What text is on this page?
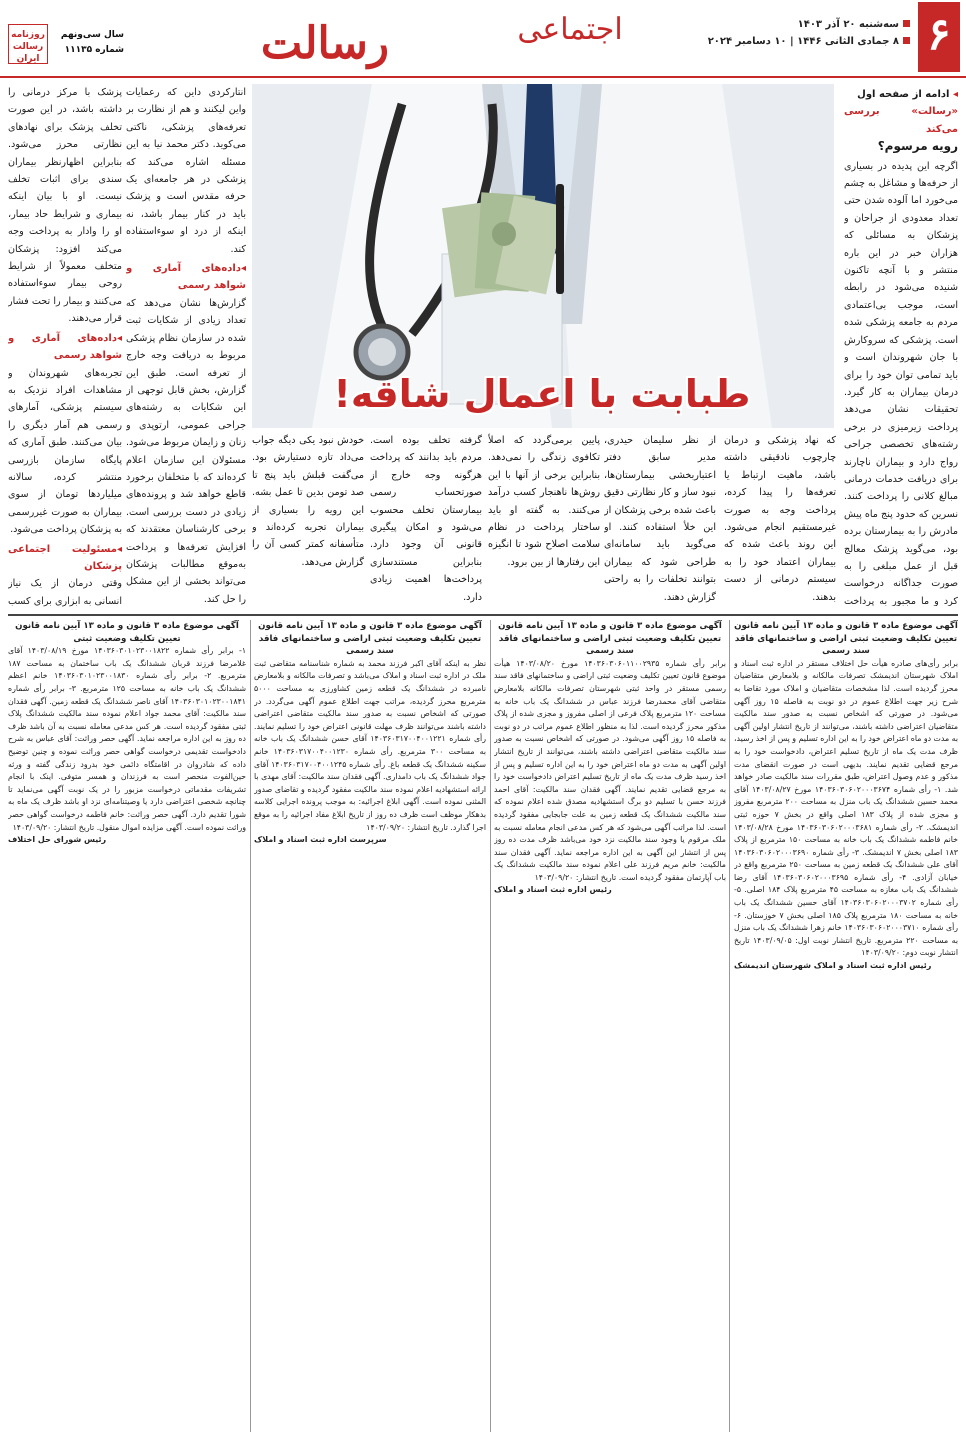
۶
سه‌شنبه ۲۰ آذر ۱۴۰۳
۸ جمادی الثانی ۱۴۴۶ | ۱۰ دسامبر ۲۰۲۴
اجتماعی
رسالت
روزنامه رسالت ایران
سال سی‌ونهم
شماره ۱۱۱۳۵
◂ ادامه از صفحه اول
«رسالت» بررسی می‌کند
رویه مرسوم؟

اگرچه این پدیده در بسیاری از حرفه‌ها و مشاغل به چشم می‌خورد اما آلوده شدن حتی تعداد معدودی از جراحان و پزشکان به مسائلی که هزاران خبر در این باره منتشر و با آنچه تاکنون شنیده می‌شود در رابطه است، موجب بی‌اعتمادی مردم به جامعه پزشکی شده است. پزشکی که سروکارش با جان شهروندان است و باید تمامی توان خود را برای درمان بیماران به کار گیرد. تحقیقات نشان می‌دهد پرداخت زیرمیزی در برخی رشته‌های تخصصی جراحی رواج دارد و بیماران ناچارند برای دریافت خدمات درمانی مبالغ کلانی را پرداخت کنند. نسرین که حدود پنج ماه پیش مادرش را به بیمارستان برده بود، می‌گوید پزشک معالج قبل از عمل مبلغی را به صورت جداگانه درخواست کرد و ما مجبور به پرداخت

پزشک با مرکز درمانی را داشته باشد، در این صورت تخلف پزشک برای نهادهای نظارتی محرز می‌شود. بنابراین اظهارنظر بیماران سندی برای اثبات تخلف نیست. او با بیان اینکه بیماری و شرایط حاد بیمار، او را وادار به پرداخت وجه می‌کند افزود: پزشکان متخلف معمولاً از شرایط روحی بیمار سوءاستفاده می‌کنند و بیمار را تحت فشار قرار می‌دهند.

◂داده‌های آماری و شواهد رسمی

تجربه‌های شهروندان و مشاهدات افراد نزدیک به سیستم پزشکی، آمارهای رسمی هم آمار دیگری را بیان می‌کنند. طبق آماری که پایگاه سازمان بازرسی منتشر کرده، سالانه میلیاردها تومان از سوی بیماران به صورت غیررسمی به پزشکان پرداخت می‌شود.

◂مسئولیت اجتماعی پزشکان

وقتی درمان از یک نیاز انسانی به ابزاری برای کسب

انتارکردی داین که رعمایات واین لیکنند و هم از نظارت بر تعرفه‌های پزشکی، ناکتی می‌کوید. دکتر محمد نیا به این مسئله اشاره می‌کند که پزشکی در هر جامعه‌ای یک حرفه مقدس است و پزشک باید در کنار بیمار باشد، نه اینکه از درد او سوءاستفاده کند.

◂داده‌های آماری و شواهد رسمی

گزارش‌ها نشان می‌دهد که تعداد زیادی از شکایات ثبت شده در سازمان نظام پزشکی مربوط به دریافت وجه خارج از تعرفه است. طبق این گزارش، بخش قابل توجهی از این شکایات به رشته‌های جراحی عمومی، ارتوپدی و زنان و زایمان مربوط می‌شود. مسئولان این سازمان اعلام کرده‌اند که با متخلفان برخورد قاطع خواهد شد و پرونده‌های زیادی در دست بررسی است. برخی کارشناسان معتقدند که افزایش تعرفه‌ها و پرداخت به‌موقع مطالبات پزشکان می‌تواند بخشی از این مشکل را حل کند.

طبابت با اعمال شاقه!
که نهاد پزشکی و درمان چارچوب نادقیقی داشته باشد، ماهیت ارتباط یا تعرفه‌ها را پیدا کرده، پرداخت وجه به صورت غیرمستقیم انجام می‌شود. این روند باعث شده که بیماران اعتماد خود را به سیستم درمانی از دست بدهند.
از نظر سلیمان حیدری، مدیر سابق دفتر اعتباربخشی بیمارستان‌ها، نبود ساز و کار نظارتی دقیق باعث شده برخی پزشکان از این خلأ استفاده کنند. او می‌گوید باید سامانه‌ای طراحی شود که بیماران بتوانند تخلفات را به راحتی گزارش دهند.
پایین برمی‌گردد که اصلاً تکافوی زندگی را نمی‌دهد. بنابراین برخی از آنها با این روش‌ها ناهنجار کسب درآمد می‌کنند. به گفته او باید ساختار پرداخت در نظام سلامت اصلاح شود تا انگیزه این رفتارها از بین برود.
گرفته تخلف بوده است. مردم باید بدانند که پرداخت هرگونه وجه خارج از صورتحساب رسمی بیمارستان تخلف محسوب می‌شود و امکان پیگیری قانونی آن وجود دارد. بنابراین مستندسازی پرداخت‌ها اهمیت زیادی دارد.
خودش نبود یکی دیگه جواب می‌داد تازه دستیارش بود. می‌گفت قبلش باید پنج تا صد تومن بدین تا عمل بشه. این رویه را بسیاری از بیماران تجربه کرده‌اند و متأسفانه کمتر کسی آن را گزارش می‌دهد.
آگهی موضوع ماده ۳ قانون و ماده ۱۳ آیین نامه قانون تعیین تکلیف وضعیت ثبتی اراضی و ساختمانهای فاقد سند رسمی

برابر رأی‌های صادره هیأت حل اختلاف مستقر در اداره ثبت اسناد و املاک شهرستان اندیمشک تصرفات مالکانه و بلامعارض متقاضیان محرز گردیده است. لذا مشخصات متقاضیان و املاک مورد تقاضا به شرح زیر جهت اطلاع عموم در دو نوبت به فاصله ۱۵ روز آگهی می‌شود. در صورتی که اشخاص نسبت به صدور سند مالکیت متقاضیان اعتراضی داشته باشند، می‌توانند از تاریخ انتشار اولین آگهی به مدت دو ماه اعتراض خود را به این اداره تسلیم و پس از اخذ رسید، ظرف مدت یک ماه از تاریخ تسلیم اعتراض، دادخواست خود را به مرجع قضایی تقدیم نمایند. بدیهی است در صورت انقضای مدت مذکور و عدم وصول اعتراض، طبق مقررات سند مالکیت صادر خواهد شد. ۱- رأی شماره ۱۴۰۳۶۰۳۰۶۰۲۰۰۰۳۶۷۴ مورخ ۱۴۰۳/۰۸/۲۷ آقای محمد حسین ششدانگ یک باب منزل به مساحت ۲۰۰ مترمربع مفروز و مجزی شده از پلاک ۱۸۳ اصلی واقع در بخش ۷ حوزه ثبتی اندیمشک. ۲- رأی شماره ۱۴۰۳۶۰۳۰۶۰۲۰۰۰۳۶۸۱ مورخ ۱۴۰۳/۰۸/۲۸ خانم فاطمه ششدانگ یک باب خانه به مساحت ۱۵۰ مترمربع از پلاک ۱۸۳ اصلی بخش ۷ اندیمشک. ۳- رأی شماره ۱۴۰۳۶۰۳۰۶۰۲۰۰۰۳۶۹۰ آقای علی ششدانگ یک قطعه زمین به مساحت ۲۵۰ مترمربع واقع در خیابان آزادی. ۴- رأی شماره ۱۴۰۳۶۰۳۰۶۰۲۰۰۰۳۶۹۵ آقای رضا ششدانگ یک باب مغازه به مساحت ۴۵ مترمربع پلاک ۱۸۴ اصلی. ۵- رأی شماره ۱۴۰۳۶۰۳۰۶۰۲۰۰۰۳۷۰۲ آقای حسین ششدانگ یک باب خانه به مساحت ۱۸۰ مترمربع پلاک ۱۸۵ اصلی بخش ۷ خوزستان. ۶- رأی شماره ۱۴۰۳۶۰۳۰۶۰۲۰۰۰۳۷۱۰ خانم زهرا ششدانگ یک باب منزل به مساحت ۲۲۰ مترمربع. تاریخ انتشار نوبت اول: ۱۴۰۳/۰۹/۰۵ تاریخ انتشار نوبت دوم: ۱۴۰۳/۰۹/۲۰

رئیس اداره ثبت اسناد و املاک شهرستان اندیمشک
آگهی موضوع ماده ۳ قانون و ماده ۱۳ آیین نامه قانون تعیین تکلیف وضعیت ثبتی اراضی و ساختمانهای فاقد سند رسمی

برابر رأی شماره ۱۴۰۳۶۰۳۰۶۰۱۱۰۰۲۹۳۵ مورخ ۱۴۰۳/۰۸/۲۰ هیأت موضوع قانون تعیین تکلیف وضعیت ثبتی اراضی و ساختمانهای فاقد سند رسمی مستقر در واحد ثبتی شهرستان تصرفات مالکانه بلامعارض متقاضی آقای محمدرضا فرزند عباس در ششدانگ یک باب خانه به مساحت ۱۲۰ مترمربع پلاک فرعی از اصلی مفروز و مجزی شده از پلاک مذکور محرز گردیده است. لذا به منظور اطلاع عموم مراتب در دو نوبت به فاصله ۱۵ روز آگهی می‌شود. در صورتی که اشخاص نسبت به صدور سند مالکیت متقاضی اعتراضی داشته باشند، می‌توانند از تاریخ انتشار اولین آگهی به مدت دو ماه اعتراض خود را به این اداره تسلیم و پس از اخذ رسید ظرف مدت یک ماه از تاریخ تسلیم اعتراض دادخواست خود را به مرجع قضایی تقدیم نمایند. آگهی فقدان سند مالکیت: آقای احمد فرزند حسن با تسلیم دو برگ استشهادیه مصدق شده اعلام نموده که سند مالکیت ششدانگ یک قطعه زمین به علت جابجایی مفقود گردیده است. لذا مراتب آگهی می‌شود که هر کس مدعی انجام معامله نسبت به ملک مرقوم یا وجود سند مالکیت نزد خود می‌باشد ظرف مدت ده روز پس از انتشار این آگهی به این اداره مراجعه نماید. آگهی فقدان سند مالکیت: خانم مریم فرزند علی اعلام نموده سند مالکیت ششدانگ یک باب آپارتمان مفقود گردیده است. تاریخ انتشار: ۱۴۰۳/۰۹/۲۰

رئیس اداره ثبت اسناد و املاک
آگهی موضوع ماده ۳ قانون و ماده ۱۳ آیین نامه قانون تعیین تکلیف وضعیت ثبتی اراضی و ساختمانهای فاقد سند رسمی

نظر به اینکه آقای اکبر فرزند محمد به شماره شناسنامه متقاضی ثبت ملک در اداره ثبت اسناد و املاک می‌باشد و تصرفات مالکانه و بلامعارض نامبرده در ششدانگ یک قطعه زمین کشاورزی به مساحت ۵۰۰۰ مترمربع محرز گردیده، مراتب جهت اطلاع عموم آگهی می‌گردد. در صورتی که اشخاص نسبت به صدور سند مالکیت متقاضی اعتراضی داشته باشند می‌توانند ظرف مهلت قانونی اعتراض خود را تسلیم نمایند. رأی شماره ۱۴۰۳۶۰۳۱۷۰۰۴۰۰۱۲۲۱ آقای حسن ششدانگ یک باب خانه به مساحت ۳۰۰ مترمربع. رأی شماره ۱۴۰۳۶۰۳۱۷۰۰۴۰۰۱۲۳۰ خانم سکینه ششدانگ یک قطعه باغ. رأی شماره ۱۴۰۳۶۰۳۱۷۰۰۴۰۰۱۲۴۵ آقای جواد ششدانگ یک باب دامداری. آگهی فقدان سند مالکیت: آقای مهدی با ارائه استشهادیه اعلام نموده سند مالکیت مفقود گردیده و تقاضای صدور المثنی نموده است. آگهی ابلاغ اجرائیه: به موجب پرونده اجرایی کلاسه بدهکار موظف است ظرف ده روز از تاریخ ابلاغ مفاد اجرائیه را به موقع اجرا گذارد. تاریخ انتشار: ۱۴۰۳/۰۹/۲۰

سرپرست اداره ثبت اسناد و املاک
آگهی موضوع ماده ۳ قانون و ماده ۱۳ آیین نامه قانون تعیین تکلیف وضعیت ثبتی

۱- برابر رأی شماره ۱۴۰۳۶۰۳۰۱۰۲۳۰۰۱۸۲۲ مورخ ۱۴۰۳/۰۸/۱۹ آقای غلامرضا فرزند قربان ششدانگ یک باب ساختمان به مساحت ۱۸۷ مترمربع. ۲- برابر رأی شماره ۱۴۰۳۶۰۳۰۱۰۲۳۰۰۱۸۳۰ خانم اعظم ششدانگ یک باب خانه به مساحت ۱۲۵ مترمربع. ۳- برابر رأی شماره ۱۴۰۳۶۰۳۰۱۰۲۳۰۰۱۸۴۱ آقای ناصر ششدانگ یک قطعه زمین. آگهی فقدان سند مالکیت: آقای محمد جواد اعلام نموده سند مالکیت ششدانگ پلاک ثبتی مفقود گردیده است. هر کس مدعی معامله نسبت به آن باشد ظرف ده روز به این اداره مراجعه نماید. آگهی حصر وراثت: آقای عباس به شرح دادخواست تقدیمی درخواست گواهی حصر وراثت نموده و چنین توضیح داده که شادروان در اقامتگاه دائمی خود بدرود زندگی گفته و ورثه حین‌الفوت منحصر است به فرزندان و همسر متوفی. اینک با انجام تشریفات مقدماتی درخواست مزبور را در یک نوبت آگهی می‌نماید تا چنانچه شخصی اعتراضی دارد یا وصیتنامه‌ای نزد او باشد ظرف یک ماه به شورا تقدیم دارد. آگهی حصر وراثت: خانم فاطمه درخواست گواهی حصر وراثت نموده است. آگهی مزایده اموال منقول. تاریخ انتشار: ۱۴۰۳/۰۹/۲۰

رئیس شورای حل اختلاف
